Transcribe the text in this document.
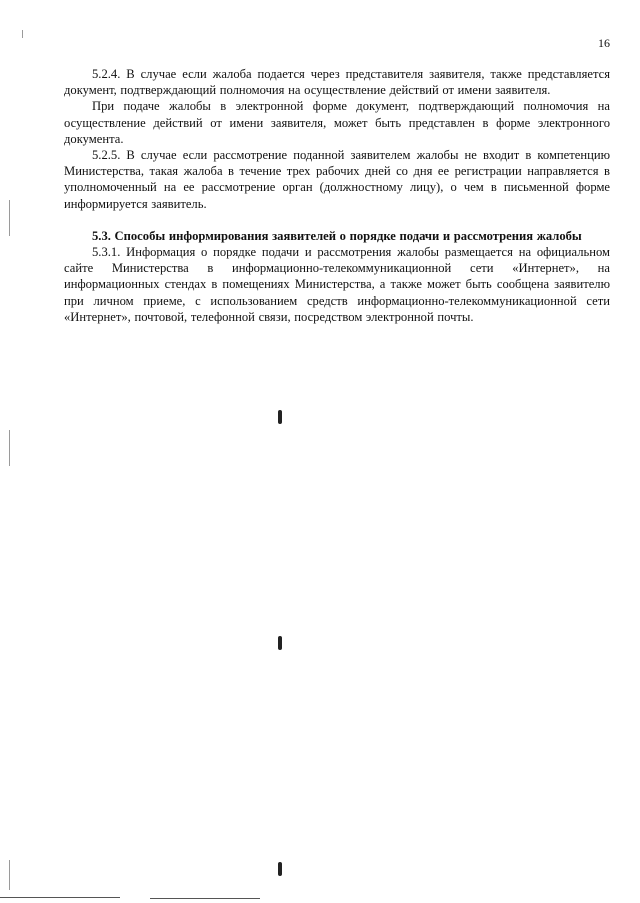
16

5.2.4. В случае если жалоба подается через представителя заявителя, также представляется документ, подтверждающий полномочия на осуществление действий от имени заявителя.

При подаче жалобы в электронной форме документ, подтверждающий полномочия на осуществление действий от имени заявителя, может быть представлен в форме электронного документа.

5.2.5. В случае если рассмотрение поданной заявителем жалобы не входит в компетенцию Министерства, такая жалоба в течение трех рабочих дней со дня ее регистрации направляется в уполномоченный на ее рассмотрение орган (должностному лицу), о чем в письменной форме информируется заявитель.

5.3. Способы информирования заявителей о порядке подачи и рассмотрения жалобы

5.3.1. Информация о порядке подачи и рассмотрения жалобы размещается на официальном сайте Министерства в информационно-телекоммуникационной сети «Интернет», на информационных стендах в помещениях Министерства, а также может быть сообщена заявителю при личном приеме, с использованием средств информационно-телекоммуникационной сети «Интернет», почтовой, телефонной связи, посредством электронной почты.
